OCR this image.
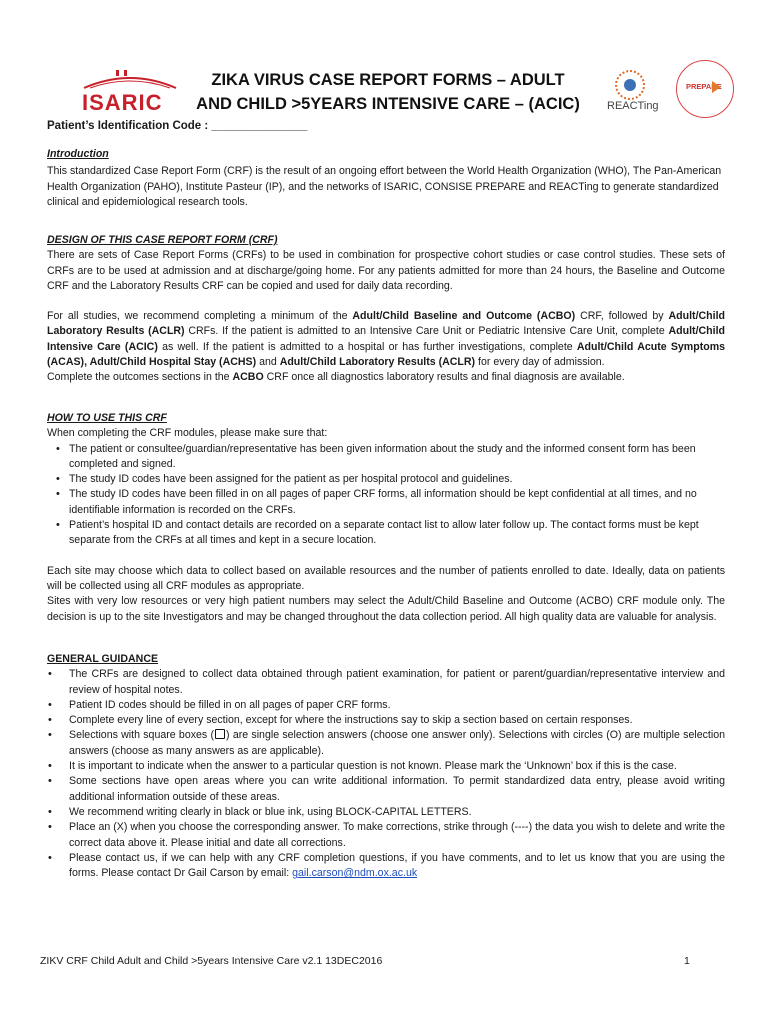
ISARIC
ZIKA VIRUS CASE REPORT FORMS – ADULT
AND CHILD >5YEARS INTENSIVE CARE – (ACIC)	REACTing
PREPARE
Patient’s Identification Code : _______________

Introduction

This standardized Case Report Form (CRF) is the result of an ongoing effort between the World Health Organization (WHO), The Pan-American Health Organization (PAHO), Institute Pasteur (IP), and the networks of ISARIC, CONSISE PREPARE and REACTing to generate standardized clinical and epidemiological research tools.

DESIGN OF THIS CASE REPORT FORM (CRF)

There are sets of Case Report Forms (CRFs) to be used in combination for prospective cohort studies or case control studies. These sets of CRFs are to be used at admission and at discharge/going home. For any patients admitted for more than 24 hours, the Baseline and Outcome CRF and the Laboratory Results CRF can be copied and used for daily data recording.

For all studies, we recommend completing a minimum of the Adult/Child Baseline and Outcome (ACBO) CRF, followed by Adult/Child Laboratory Results (ACLR) CRFs. If the patient is admitted to an Intensive Care Unit or Pediatric Intensive Care Unit, complete Adult/Child Intensive Care (ACIC) as well. If the patient is admitted to a hospital or has further investigations, complete Adult/Child Acute Symptoms (ACAS), Adult/Child Hospital Stay (ACHS) and Adult/Child Laboratory Results (ACLR) for every day of admission.

Complete the outcomes sections in the ACBO CRF once all diagnostics laboratory results and final diagnosis are available.

HOW TO USE THIS CRF

When completing the CRF modules, please make sure that:

• The patient or consultee/guardian/representative has been given information about the study and the informed consent form has been completed and signed.
• The study ID codes have been assigned for the patient as per hospital protocol and guidelines.
• The study ID codes have been filled in on all pages of paper CRF forms, all information should be kept confidential at all times, and no identifiable information is recorded on the CRFs.
• Patient’s hospital ID and contact details are recorded on a separate contact list to allow later follow up. The contact forms must be kept separate from the CRFs at all times and kept in a secure location.

Each site may choose which data to collect based on available resources and the number of patients enrolled to date. Ideally, data on patients will be collected using all CRF modules as appropriate.

Sites with very low resources or very high patient numbers may select the Adult/Child Baseline and Outcome (ACBO) CRF module only. The decision is up to the site Investigators and may be changed throughout the data collection period. All high quality data are valuable for analysis.

GENERAL GUIDANCE

• The CRFs are designed to collect data obtained through patient examination, for patient or parent/guardian/representative interview and review of hospital notes.
• Patient ID codes should be filled in on all pages of paper CRF forms.
• Complete every line of every section, except for where the instructions say to skip a section based on certain responses.
• Selections with square boxes ( ) are single selection answers (choose one answer only). Selections with circles (O) are multiple selection answers (choose as many answers as are applicable).
• It is important to indicate when the answer to a particular question is not known. Please mark the ‘Unknown’ box if this is the case.
• Some sections have open areas where you can write additional information. To permit standardized data entry, please avoid writing additional information outside of these areas.
• We recommend writing clearly in black or blue ink, using BLOCK-CAPITAL LETTERS.
• Place an (X) when you choose the corresponding answer. To make corrections, strike through (----) the data you wish to delete and write the correct data above it. Please initial and date all corrections.
• Please contact us, if we can help with any CRF completion questions, if you have comments, and to let us know that you are using the forms. Please contact Dr Gail Carson by email: gail.carson@ndm.ox.ac.uk
ZIKV CRF Child Adult and Child >5years Intensive Care v2.1 13DEC2016	1
